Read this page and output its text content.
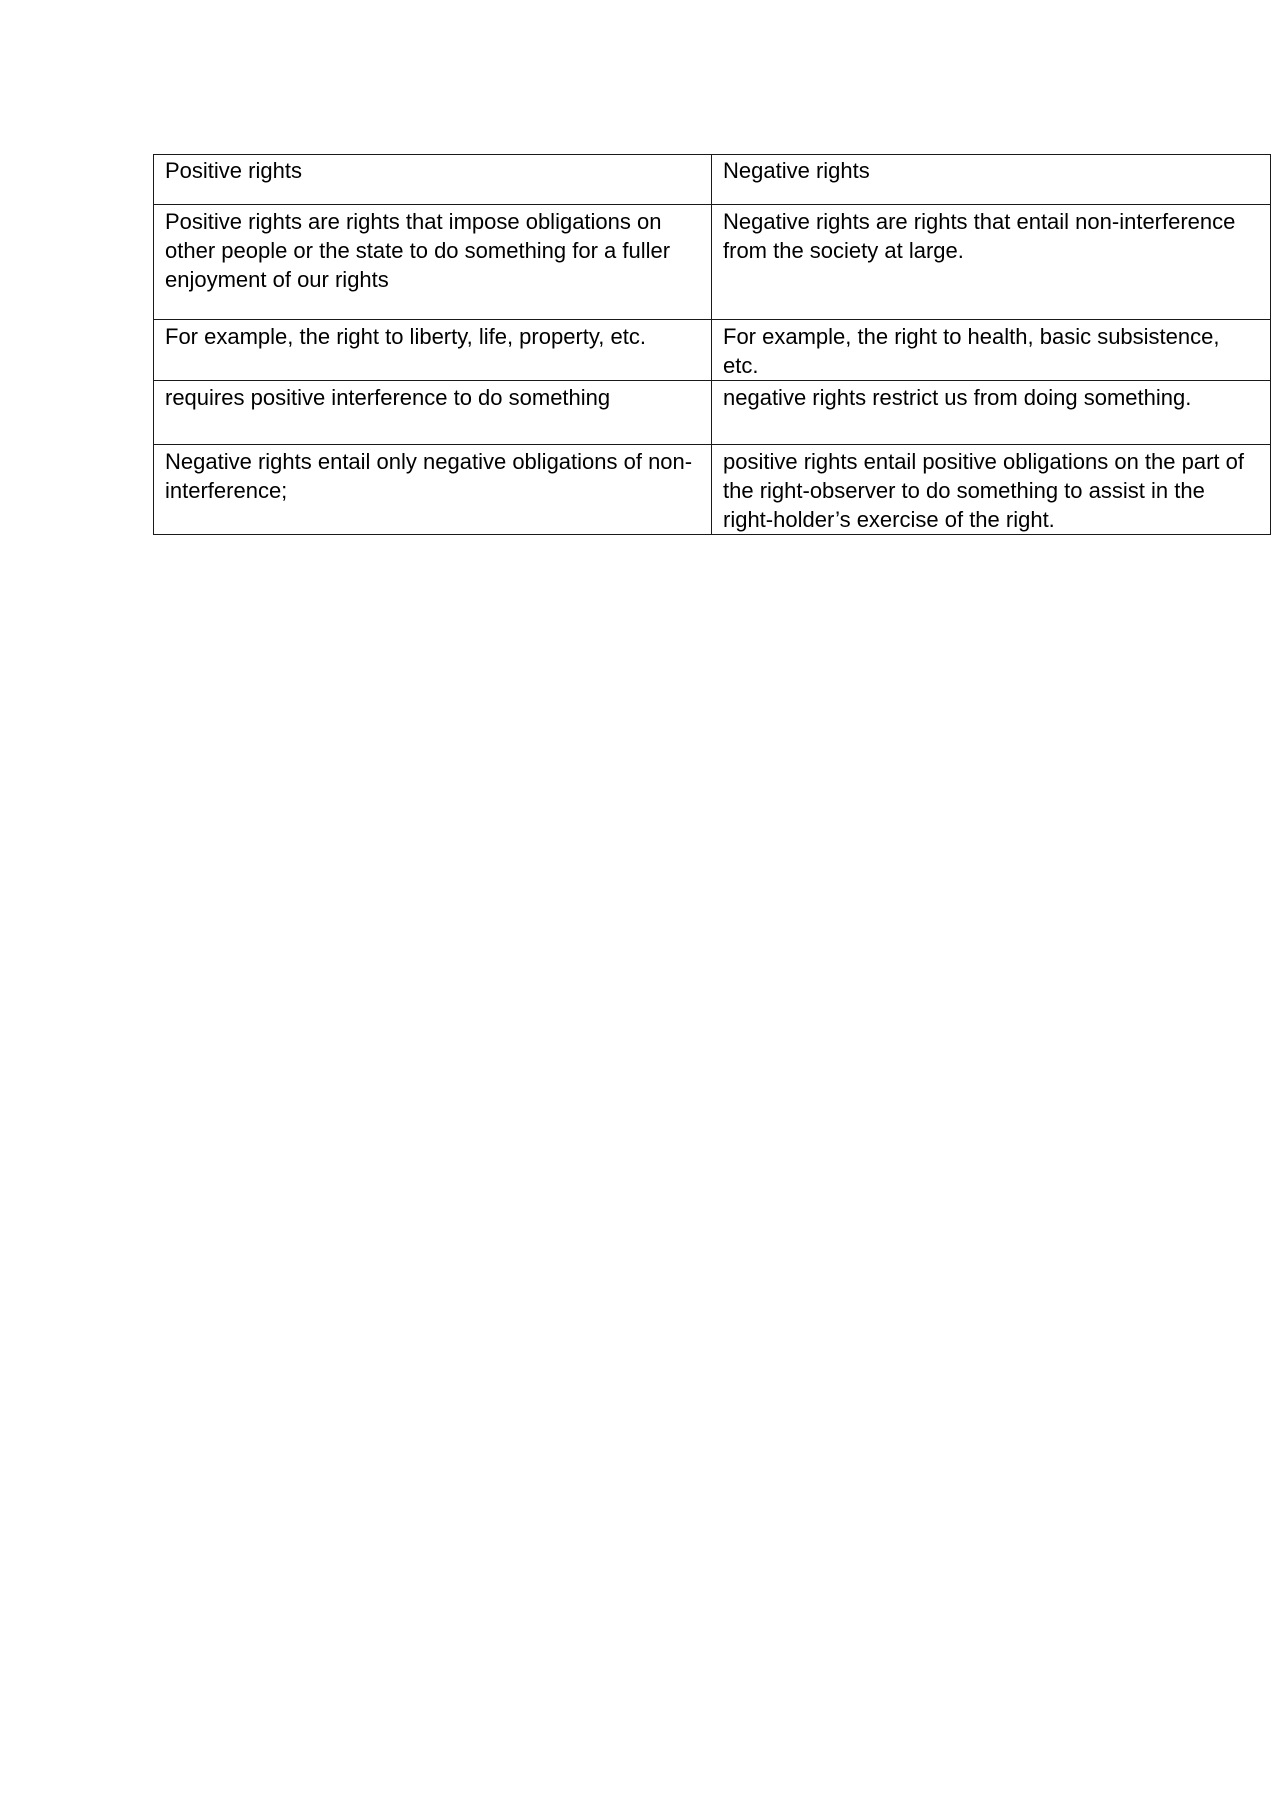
Positive rights	Negative rights
Positive rights are rights that impose obligations on other people or the state to do something for a fuller enjoyment of our rights	Negative rights are rights that entail non-interference from the society at large.
For example, the right to liberty, life, property, etc.	For example, the right to health, basic subsistence, etc.
requires positive interference to do something	negative rights restrict us from doing something.
Negative rights entail only negative obligations of non-interference;	positive rights entail positive obligations on the part of the right-observer to do something to assist in the right-holder’s exercise of the right.
